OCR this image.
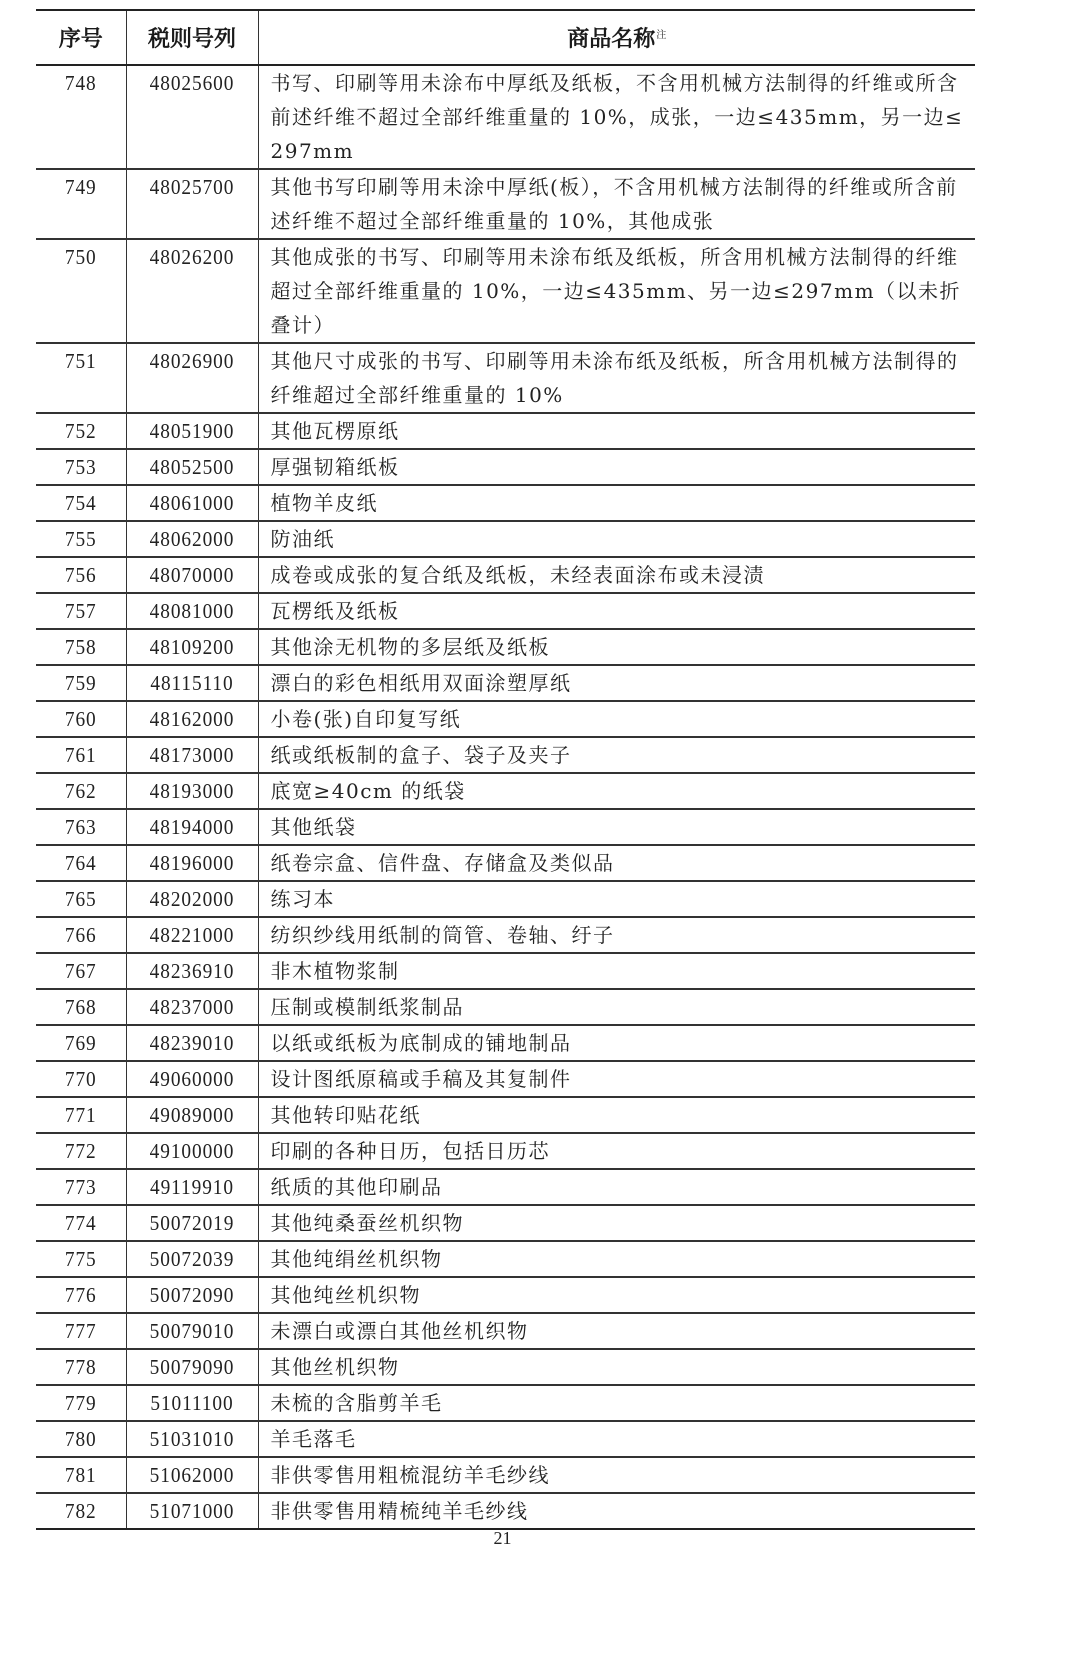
序号	税则号列	商品名称$^注$
748	48025600	书写、印刷等用未涂布中厚纸及纸板，不含用机械方法制得的纤维或所含前述纤维不超过全部纤维重量的 10%，成张，一边≤435mm，另一边≤297mm
749	48025700	其他书写印刷等用未涂中厚纸(板），不含用机械方法制得的纤维或所含前述纤维不超过全部纤维重量的 10%，其他成张
750	48026200	其他成张的书写、印刷等用未涂布纸及纸板，所含用机械方法制得的纤维超过全部纤维重量的 10%，一边≤435mm、另一边≤297mm（以未折叠计）
751	48026900	其他尺寸成张的书写、印刷等用未涂布纸及纸板，所含用机械方法制得的纤维超过全部纤维重量的 10%
752	48051900	其他瓦楞原纸
753	48052500	厚强韧箱纸板
754	48061000	植物羊皮纸
755	48062000	防油纸
756	48070000	成卷或成张的复合纸及纸板，未经表面涂布或未浸渍
757	48081000	瓦楞纸及纸板
758	48109200	其他涂无机物的多层纸及纸板
759	48115110	漂白的彩色相纸用双面涂塑厚纸
760	48162000	小卷(张)自印复写纸
761	48173000	纸或纸板制的盒子、袋子及夹子
762	48193000	底宽≥40cm 的纸袋
763	48194000	其他纸袋
764	48196000	纸卷宗盒、信件盘、存储盒及类似品
765	48202000	练习本
766	48221000	纺织纱线用纸制的筒管、卷轴、纡子
767	48236910	非木植物浆制
768	48237000	压制或模制纸浆制品
769	48239010	以纸或纸板为底制成的铺地制品
770	49060000	设计图纸原稿或手稿及其复制件
771	49089000	其他转印贴花纸
772	49100000	印刷的各种日历，包括日历芯
773	49119910	纸质的其他印刷品
774	50072019	其他纯桑蚕丝机织物
775	50072039	其他纯绢丝机织物
776	50072090	其他纯丝机织物
777	50079010	未漂白或漂白其他丝机织物
778	50079090	其他丝机织物
779	51011100	未梳的含脂剪羊毛
780	51031010	羊毛落毛
781	51062000	非供零售用粗梳混纺羊毛纱线
782	51071000	非供零售用精梳纯羊毛纱线
21
